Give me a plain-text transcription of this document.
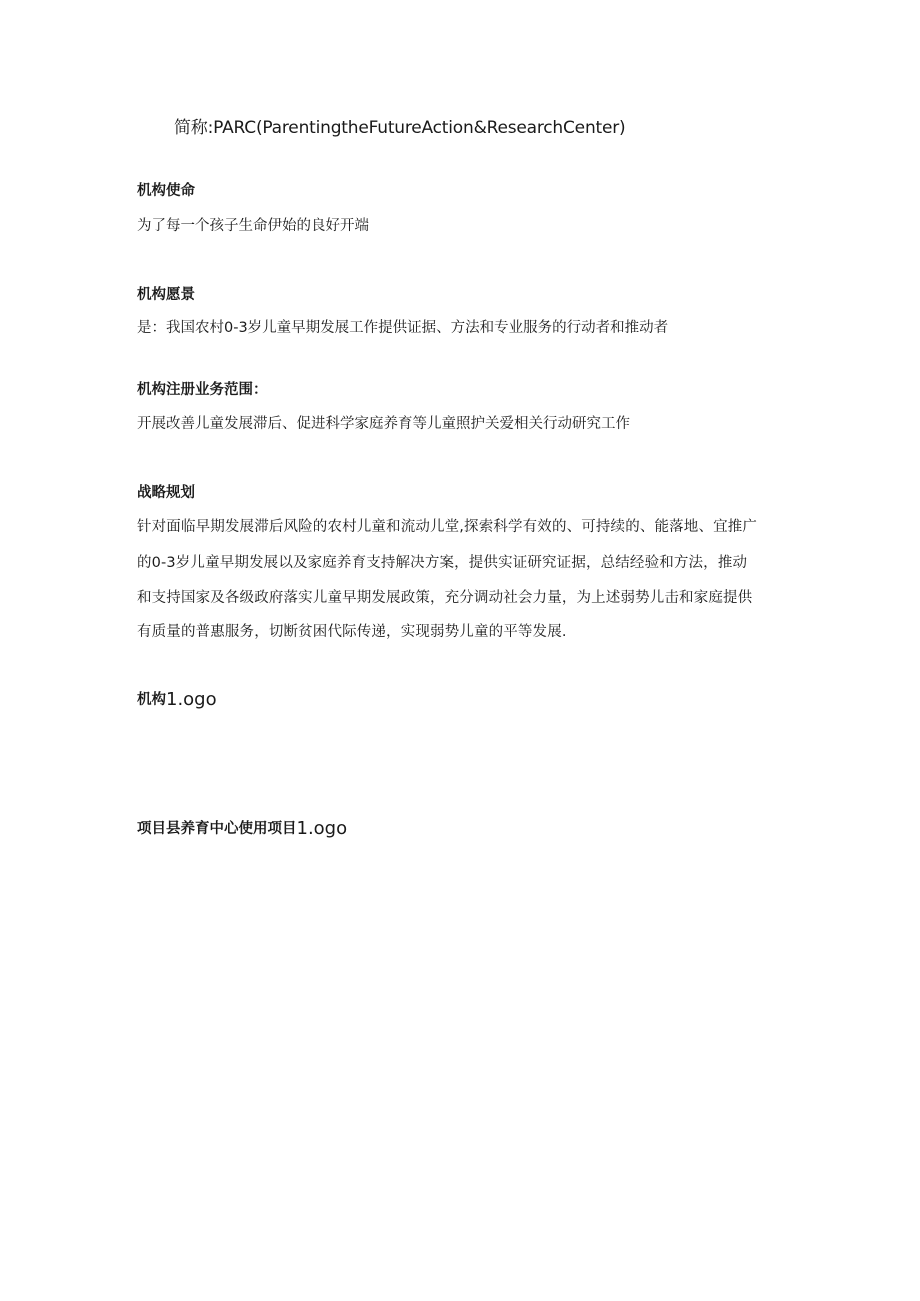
简称:PARC(ParentingtheFutureAction&ResearchCenter)
机构使命
为了每一个孩子生命伊始的良好开端
机构愿景
是：我国农村0-3岁儿童早期发展工作提供证据、方法和专业服务的行动者和推动者
机构注册业务范围：
开展改善儿童发展滞后、促进科学家庭养育等儿童照护关爱相关行动研究工作
战略规划
针对面临早期发展滞后风险的农村儿童和流动儿堂,探索科学有效的、可持续的、能落地、宜推广
的0-3岁儿童早期发展以及家庭养育支持解决方案，提供实证研究证据，总结经验和方法，推动
和支持国家及各级政府落实儿童早期发展政策，充分调动社会力量，为上述弱势儿击和家庭提供
有质量的普惠服务，切断贫困代际传递，实现弱势儿童的平等发展.
机构1.ogo
项目县养育中心使用项目1.ogo
